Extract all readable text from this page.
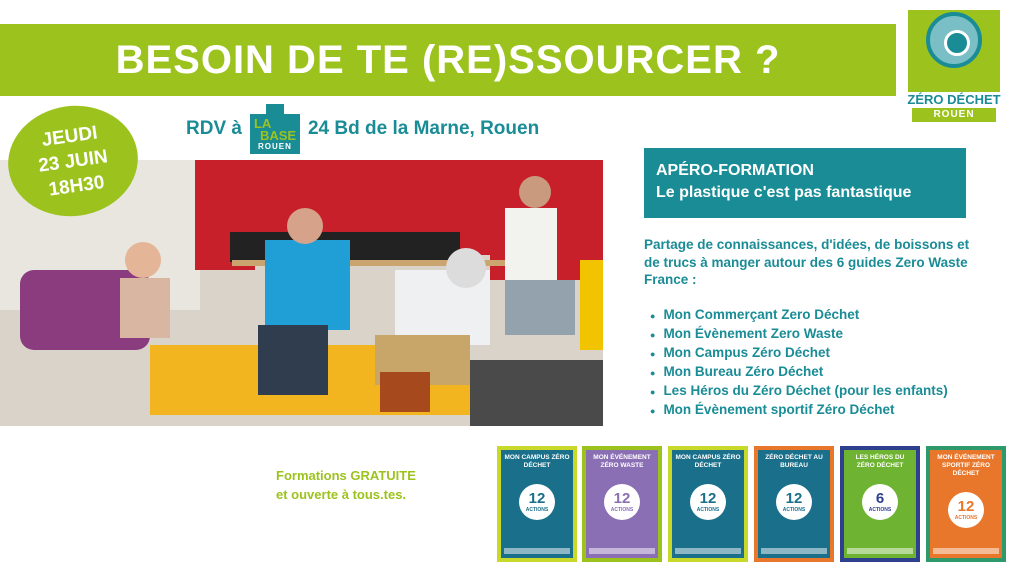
BESOIN DE TE (RE)SSOURCER ?
ZÉRO DÉCHET
ROUEN
JEUDI
23 JUIN
18H30
RDV à LA
BASE
ROUEN
24 Bd de la Marne, Rouen
APÉRO-FORMATION
Le plastique c'est pas fantastique
Partage de connaissances, d'idées, de boissons et de trucs à manger autour des 6 guides Zero Waste France :
● Mon Commerçant Zero Déchet
● Mon Évènement Zero Waste
● Mon Campus Zéro Déchet
● Mon Bureau Zéro Déchet
● Les Héros du Zéro Déchet (pour les enfants)
● Mon Évènement sportif Zéro Déchet
Formations GRATUITE
et ouverte à tous.tes.
MON CAMPUS ZÉRO DÉCHET
12
ACTIONS
MON ÉVÉNEMENT ZÉRO WASTE
12
ACTIONS
MON CAMPUS ZÉRO DÉCHET
12
ACTIONS
ZÉRO DÉCHET AU BUREAU
12
ACTIONS
LES HÉROS DU ZÉRO DÉCHET
6
ACTIONS
MON ÉVÉNEMENT SPORTIF ZÉRO DÉCHET
12
ACTIONS
